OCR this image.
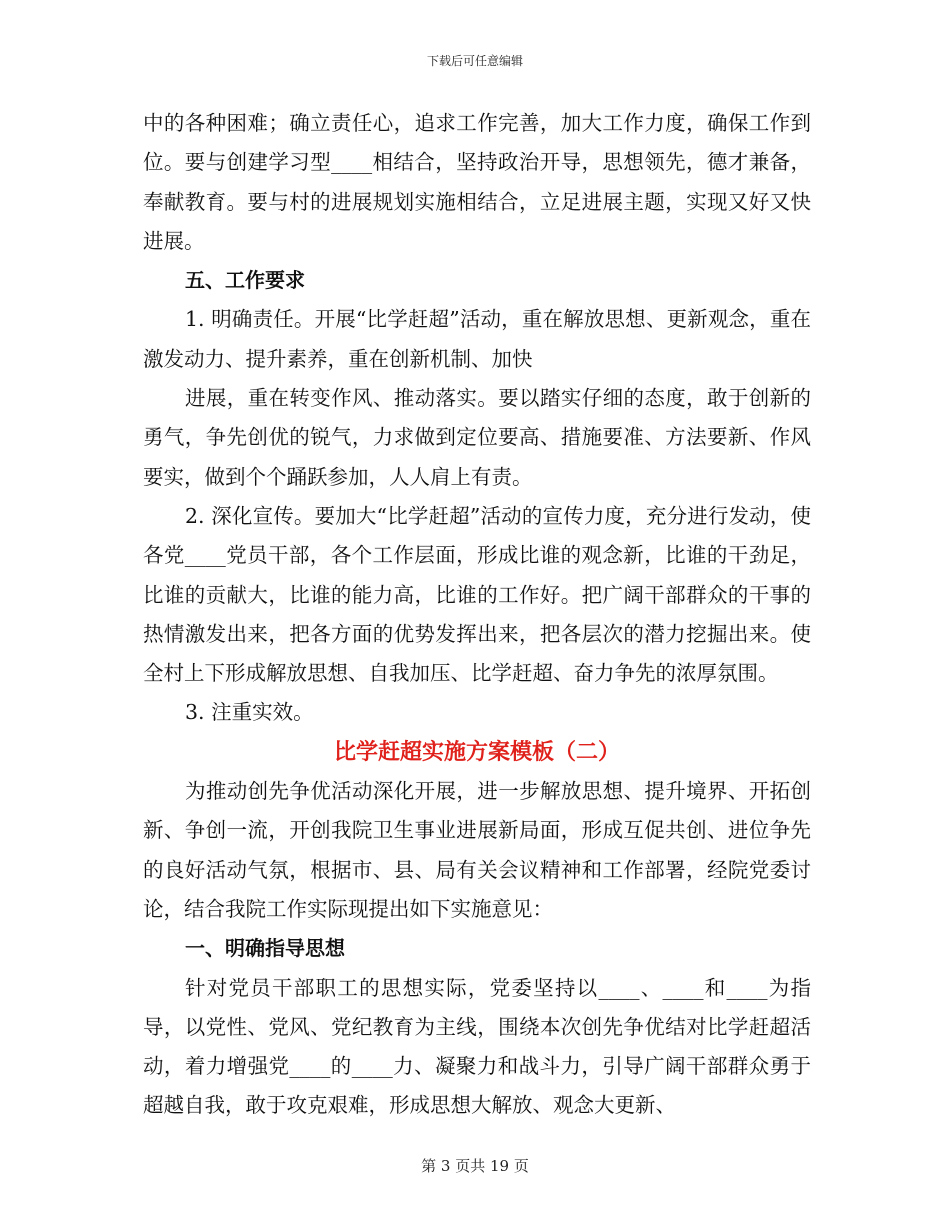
下载后可任意编辑

中的各种困难；确立责任心，追求工作完善，加大工作力度，确保工作到位。要与创建学习型____相结合，坚持政治开导，思想领先，德才兼备，奉献教育。要与村的进展规划实施相结合，立足进展主题，实现又好又快进展。

五、工作要求

1. 明确责任。开展“比学赶超”活动，重在解放思想、更新观念，重在激发动力、提升素养，重在创新机制、加快

进展，重在转变作风、推动落实。要以踏实仔细的态度，敢于创新的勇气，争先创优的锐气，力求做到定位要高、措施要准、方法要新、作风要实，做到个个踊跃参加，人人肩上有责。

2. 深化宣传。要加大“比学赶超”活动的宣传力度，充分进行发动，使各党____党员干部，各个工作层面，形成比谁的观念新，比谁的干劲足，比谁的贡献大，比谁的能力高，比谁的工作好。把广阔干部群众的干事的热情激发出来，把各方面的优势发挥出来，把各层次的潜力挖掘出来。使全村上下形成解放思想、自我加压、比学赶超、奋力争先的浓厚氛围。

3. 注重实效。

比学赶超实施方案模板（二）

为推动创先争优活动深化开展，进一步解放思想、提升境界、开拓创新、争创一流，开创我院卫生事业进展新局面，形成互促共创、进位争先的良好活动气氛，根据市、县、局有关会议精神和工作部署，经院党委讨论，结合我院工作实际现提出如下实施意见：

一、明确指导思想

针对党员干部职工的思想实际，党委坚持以____、____和____为指导，以党性、党风、党纪教育为主线，围绕本次创先争优结对比学赶超活动，着力增强党____的____力、凝聚力和战斗力，引导广阔干部群众勇于超越自我，敢于攻克艰难，形成思想大解放、观念大更新、

第 3 页共 19 页
